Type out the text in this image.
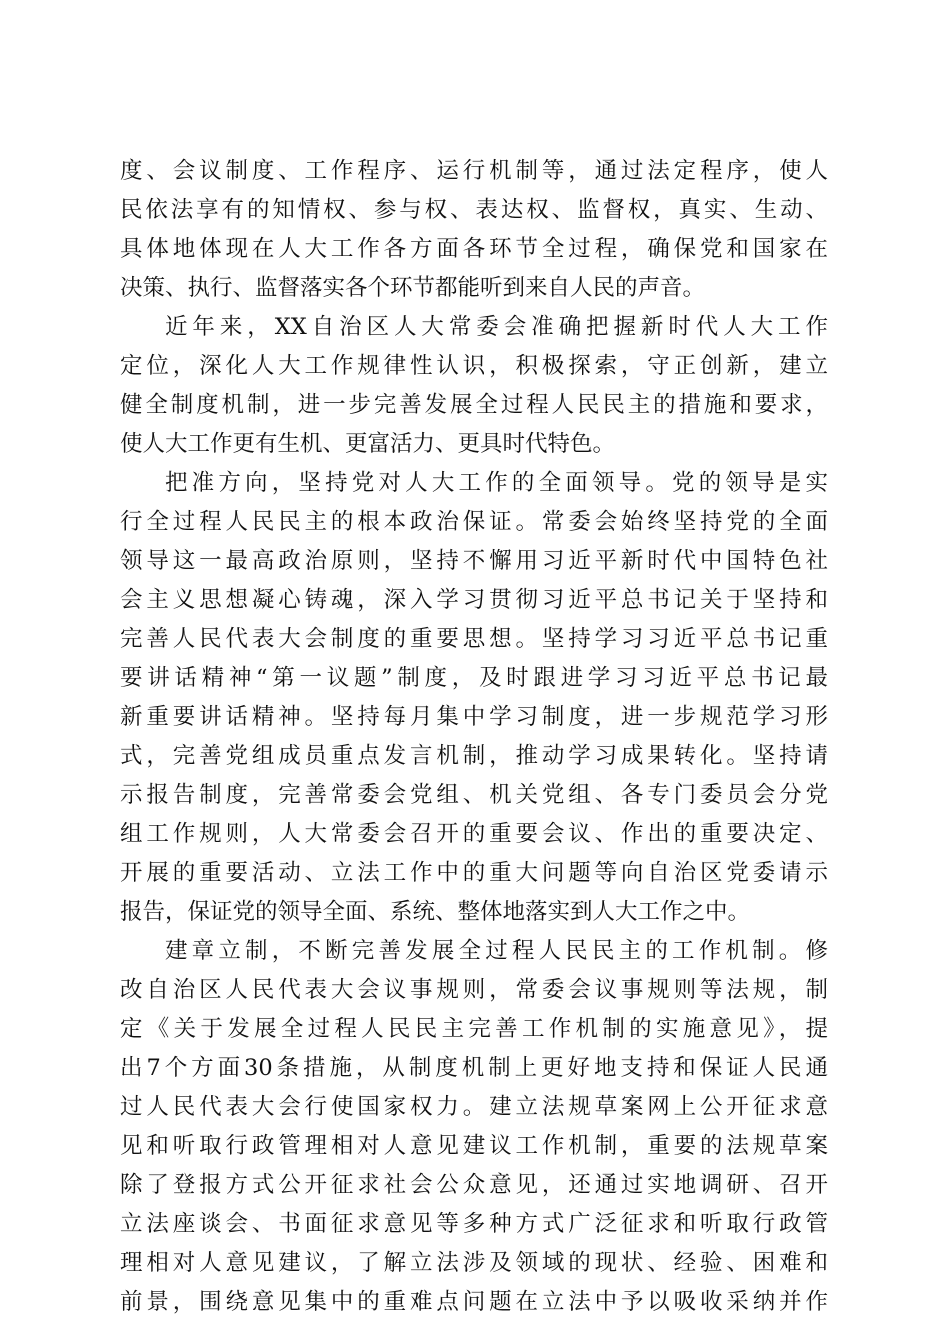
度、会议制度、工作程序、运行机制等，通过法定程序，使人
民依法享有的知情权、参与权、表达权、监督权，真实、生动、
具体地体现在人大工作各方面各环节全过程，确保党和国家在
决策、执行、监督落实各个环节都能听到来自人民的声音。
近年来，XX自治区人大常委会准确把握新时代人大工作
定位，深化人大工作规律性认识，积极探索，守正创新，建立
健全制度机制，进一步完善发展全过程人民民主的措施和要求，
使人大工作更有生机、更富活力、更具时代特色。
把准方向，坚持党对人大工作的全面领导。党的领导是实
行全过程人民民主的根本政治保证。常委会始终坚持党的全面
领导这一最高政治原则，坚持不懈用习近平新时代中国特色社
会主义思想凝心铸魂，深入学习贯彻习近平总书记关于坚持和
完善人民代表大会制度的重要思想。坚持学习习近平总书记重
要讲话精神“第一议题”制度，及时跟进学习习近平总书记最
新重要讲话精神。坚持每月集中学习制度，进一步规范学习形
式，完善党组成员重点发言机制，推动学习成果转化。坚持请
示报告制度，完善常委会党组、机关党组、各专门委员会分党
组工作规则，人大常委会召开的重要会议、作出的重要决定、
开展的重要活动、立法工作中的重大问题等向自治区党委请示
报告，保证党的领导全面、系统、整体地落实到人大工作之中。
建章立制，不断完善发展全过程人民民主的工作机制。修
改自治区人民代表大会议事规则，常委会议事规则等法规，制
定《关于发展全过程人民民主完善工作机制的实施意见》，提
出7个方面30条措施，从制度机制上更好地支持和保证人民通
过人民代表大会行使国家权力。建立法规草案网上公开征求意
见和听取行政管理相对人意见建议工作机制，重要的法规草案
除了登报方式公开征求社会公众意见，还通过实地调研、召开
立法座谈会、书面征求意见等多种方式广泛征求和听取行政管
理相对人意见建议，了解立法涉及领域的现状、经验、困难和
前景，围绕意见集中的重难点问题在立法中予以吸收采纳并作
